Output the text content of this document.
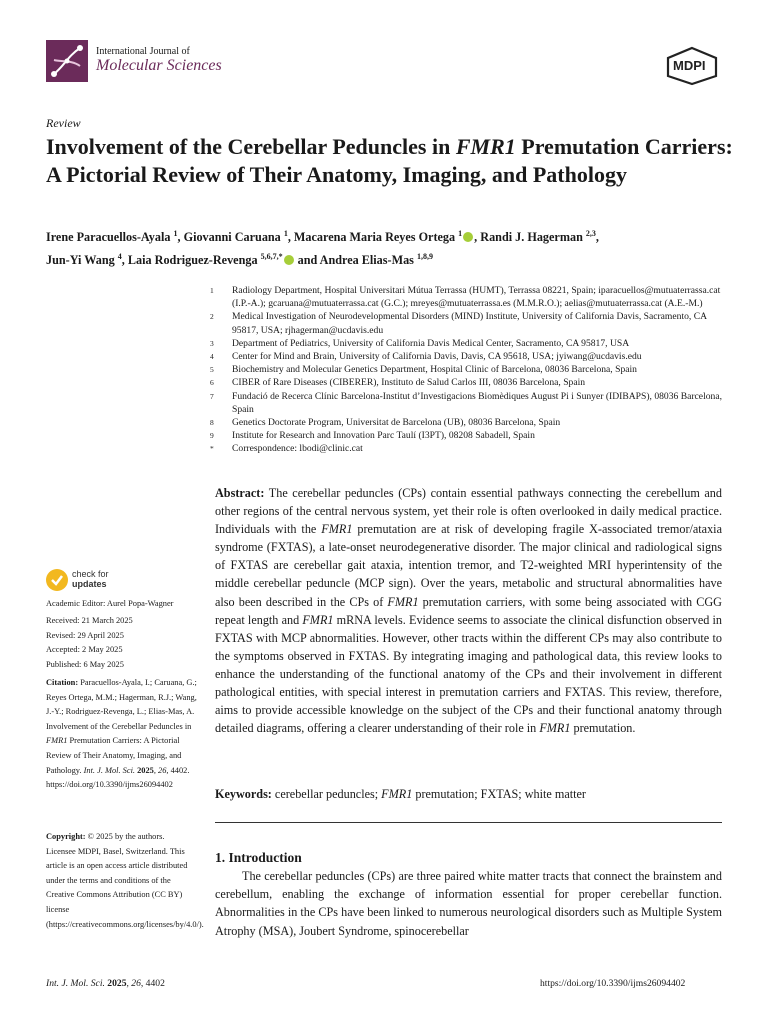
International Journal of
Molecular Sciences	MDPI
Review
Involvement of the Cerebellar Peduncles in FMR1 Premutation Carriers: A Pictorial Review of Their Anatomy, Imaging, and Pathology
Irene Paracuellos-Ayala $^1$, Giovanni Caruana $^1$, Macarena Maria Reyes Ortega $^1$ , Randi J. Hagerman $^{2,3}$,
Jun-Yi Wang $^4$, Laia Rodriguez-Revenga $^{5,6,7,*}$ and Andrea Elias-Mas $^{1,8,9}$
1	Radiology Department, Hospital Universitari Mútua Terrassa (HUMT), Terrassa 08221, Spain; iparacuellos@mutuaterrassa.cat (I.P.-A.); gcaruana@mutuaterrassa.cat (G.C.); mreyes@mutuaterrassa.es (M.M.R.O.); aelias@mutuaterrassa.cat (A.E.-M.)
2	Medical Investigation of Neurodevelopmental Disorders (MIND) Institute, University of California Davis, Sacramento, CA 95817, USA; rjhagerman@ucdavis.edu
3	Department of Pediatrics, University of California Davis Medical Center, Sacramento, CA 95817, USA
4	Center for Mind and Brain, University of California Davis, Davis, CA 95618, USA; jyiwang@ucdavis.edu
5	Biochemistry and Molecular Genetics Department, Hospital Clinic of Barcelona, 08036 Barcelona, Spain
6	CIBER of Rare Diseases (CIBERER), Instituto de Salud Carlos III, 08036 Barcelona, Spain
7	Fundació de Recerca Clínic Barcelona-Institut d’Investigacions Biomèdiques August Pi i Sunyer (IDIBAPS), 08036 Barcelona, Spain
8	Genetics Doctorate Program, Universitat de Barcelona (UB), 08036 Barcelona, Spain
9	Institute for Research and Innovation Parc Taulí (I3PT), 08208 Sabadell, Spain
*	Correspondence: lbodi@clinic.cat
Abstract: The cerebellar peduncles (CPs) contain essential pathways connecting the cerebellum and other regions of the central nervous system, yet their role is often overlooked in daily medical practice. Individuals with the FMR1 premutation are at risk of developing fragile X-associated tremor/ataxia syndrome (FXTAS), a late-onset neurodegenerative disorder. The major clinical and radiological signs of FXTAS are cerebellar gait ataxia, intention tremor, and T2-weighted MRI hyperintensity of the middle cerebellar peduncle (MCP sign). Over the years, metabolic and structural abnormalities have also been described in the CPs of FMR1 premutation carriers, with some being associated with CGG repeat length and FMR1 mRNA levels. Evidence seems to associate the clinical disfunction observed in FXTAS with MCP abnormalities. However, other tracts within the different CPs may also contribute to the symptoms observed in FXTAS. By integrating imaging and pathological data, this review looks to enhance the understanding of the functional anatomy of the CPs and their involvement in different pathological entities, with special interest in premutation carriers and FXTAS. This review, therefore, aims to provide accessible knowledge on the subject of the CPs and their functional anatomy through detailed diagrams, offering a clearer understanding of their role in FMR1 premutation.
Keywords: cerebellar peduncles; FMR1 premutation; FXTAS; white matter
1. Introduction
The cerebellar peduncles (CPs) are three paired white matter tracts that connect the brainstem and cerebellum, enabling the exchange of information essential for proper cerebellar function. Abnormalities in the CPs have been linked to numerous neurological disorders such as Multiple System Atrophy (MSA), Joubert Syndrome, spinocerebellar
check for
updates
Academic Editor: Aurel Popa-Wagner
Received: 21 March 2025
Revised: 29 April 2025
Accepted: 2 May 2025
Published: 6 May 2025
Citation: Paracuellos-Ayala, I.; Caruana, G.; Reyes Ortega, M.M.; Hagerman, R.J.; Wang, J.-Y.; Rodriguez-Revenga, L.; Elias-Mas, A. Involvement of the Cerebellar Peduncles in FMR1 Premutation Carriers: A Pictorial Review of Their Anatomy, Imaging, and Pathology. Int. J. Mol. Sci. 2025, 26, 4402. https://doi.org/10.3390/ijms26094402
Copyright: © 2025 by the authors. Licensee MDPI, Basel, Switzerland. This article is an open access article distributed under the terms and conditions of the Creative Commons Attribution (CC BY) license (https://creativecommons.org/licenses/by/4.0/).
Int. J. Mol. Sci. 2025, 26, 4402	https://doi.org/10.3390/ijms26094402
